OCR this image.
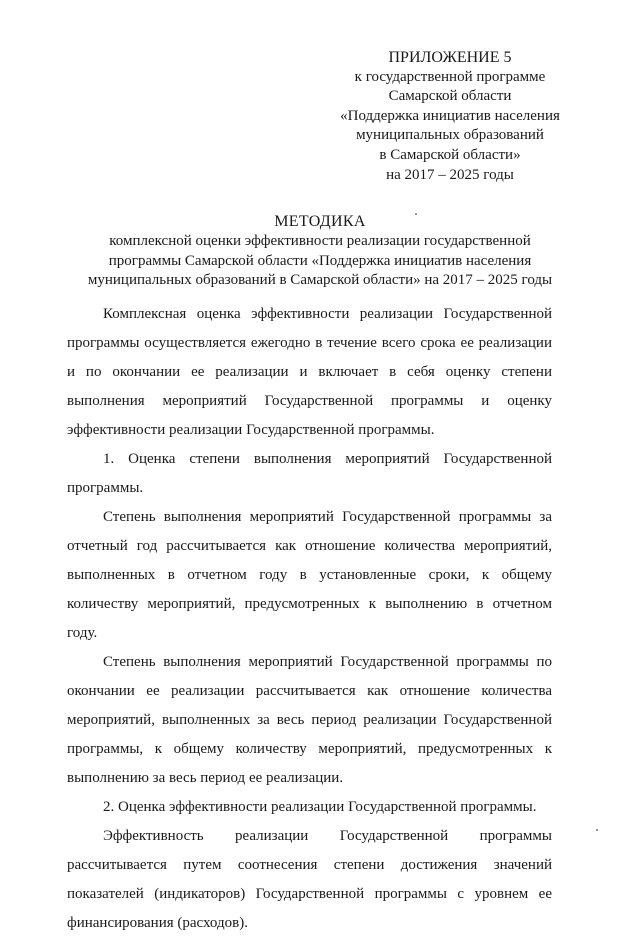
ПРИЛОЖЕНИЕ 5
к государственной программе
Самарской области
«Поддержка инициатив населения
муниципальных образований
в Самарской области»
на 2017 – 2025 годы
МЕТОДИКА
комплексной оценки эффективности реализации государственной
программы Самарской области «Поддержка инициатив населения
муниципальных образований в Самарской области» на 2017 – 2025 годы

Комплексная оценка эффективности реализации Государственной программы осуществляется ежегодно в течение всего срока ее реализации и по окончании ее реализации и включает в себя оценку степени выполнения мероприятий Государственной программы и оценку эффективности реализации Государственной программы.

1. Оценка степени выполнения мероприятий Государственной программы.

Степень выполнения мероприятий Государственной программы за отчетный год рассчитывается как отношение количества мероприятий, выполненных в отчетном году в установленные сроки, к общему количеству мероприятий, предусмотренных к выполнению в отчетном году.

Степень выполнения мероприятий Государственной программы по окончании ее реализации рассчитывается как отношение количества мероприятий, выполненных за весь период реализации Государственной программы, к общему количеству мероприятий, предусмотренных к выполнению за весь период ее реализации.

2. Оценка эффективности реализации Государственной программы.

Эффективность реализации Государственной программы рассчитывается путем соотнесения степени достижения значений показателей (индикаторов) Государственной программы с уровнем ее финансирования (расходов).
